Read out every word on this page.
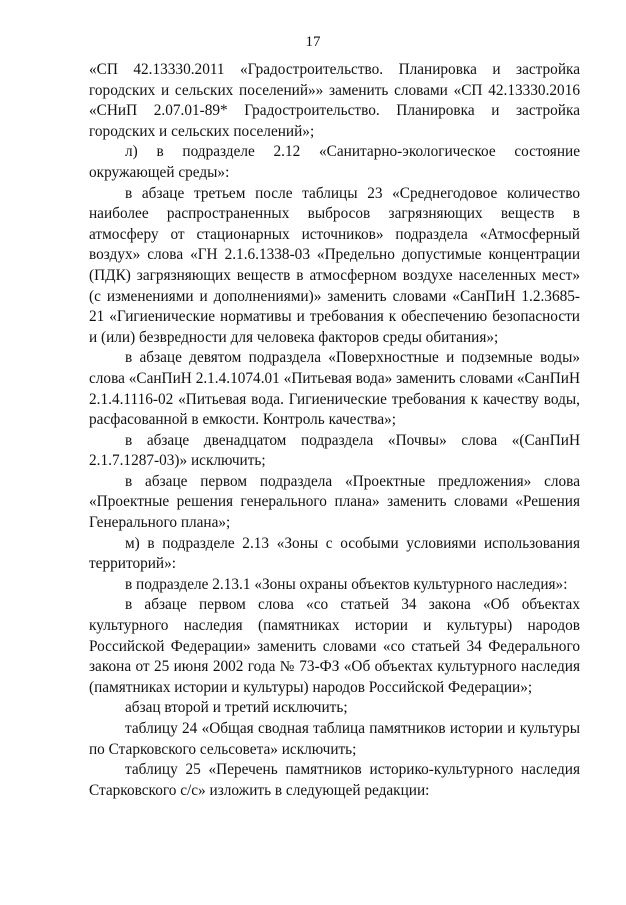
17

«СП 42.13330.2011 «Градостроительство. Планировка и застройка городских и сельских поселений»» заменить словами «СП 42.13330.2016 «СНиП 2.07.01-89* Градостроительство. Планировка и застройка городских и сельских поселений»;

л) в подразделе 2.12 «Санитарно-экологическое состояние окружающей среды»:

в абзаце третьем после таблицы 23 «Среднегодовое количество наиболее распространенных выбросов загрязняющих веществ в атмосферу от стационарных источников» подраздела «Атмосферный воздух» слова «ГН 2.1.6.1338-03 «Предельно допустимые концентрации (ПДК) загрязняющих веществ в атмосферном воздухе населенных мест» (с изменениями и дополнениями)» заменить словами «СанПиН 1.2.3685-21 «Гигиенические нормативы и требования к обеспечению безопасности и (или) безвредности для человека факторов среды обитания»;

в абзаце девятом подраздела «Поверхностные и подземные воды» слова «СанПиН 2.1.4.1074.01 «Питьевая вода» заменить словами «СанПиН 2.1.4.1116-02 «Питьевая вода. Гигиенические требования к качеству воды, расфасованной в емкости. Контроль качества»;

в абзаце двенадцатом подраздела «Почвы» слова «(СанПиН 2.1.7.1287-03)» исключить;

в абзаце первом подраздела «Проектные предложения» слова «Проектные решения генерального плана» заменить словами «Решения Генерального плана»;

м) в подразделе 2.13 «Зоны с особыми условиями использования территорий»:

в подразделе 2.13.1 «Зоны охраны объектов культурного наследия»:

в абзаце первом слова «со статьей 34 закона «Об объектах культурного наследия (памятниках истории и культуры) народов Российской Федерации» заменить словами «со статьей 34 Федерального закона от 25 июня 2002 года № 73-ФЗ «Об объектах культурного наследия (памятниках истории и культуры) народов Российской Федерации»;

абзац второй и третий исключить;

таблицу 24 «Общая сводная таблица памятников истории и культуры по Старковского сельсовета» исключить;

таблицу 25 «Перечень памятников историко-культурного наследия Старковского с/с» изложить в следующей редакции:
